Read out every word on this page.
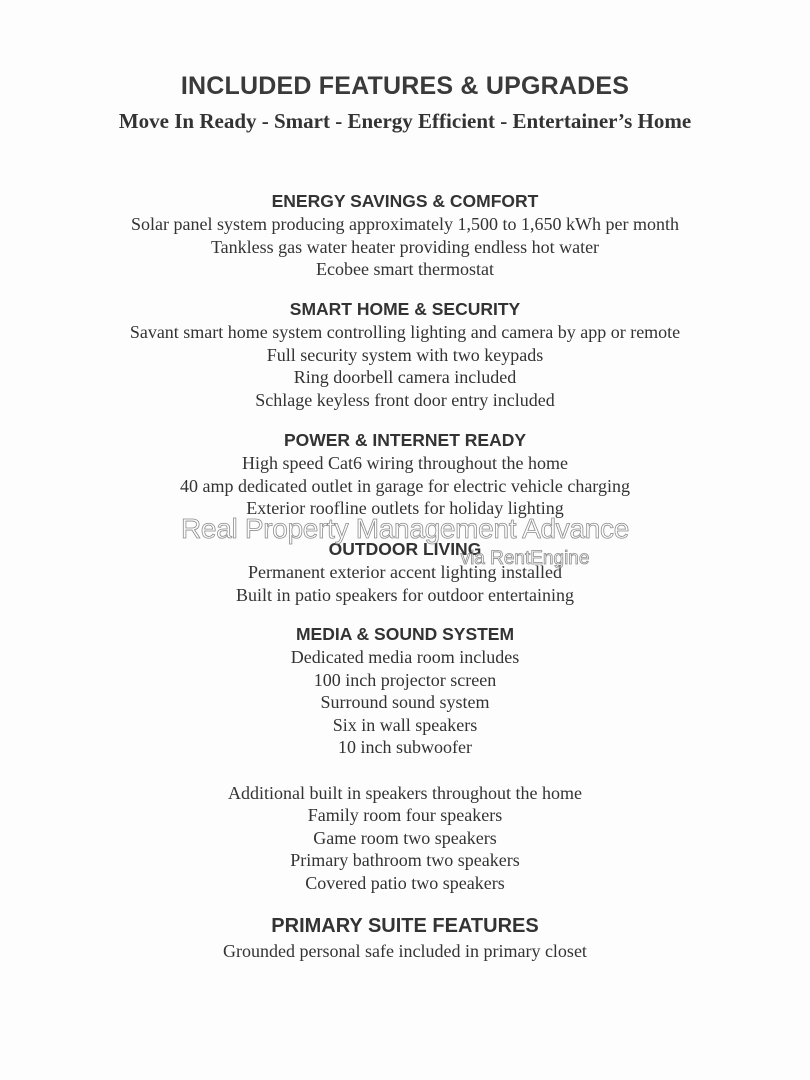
INCLUDED FEATURES & UPGRADES
Move In Ready - Smart - Energy Efficient - Entertainer’s Home
ENERGY SAVINGS & COMFORT
Solar panel system producing approximately 1,500 to 1,650 kWh per month
Tankless gas water heater providing endless hot water
Ecobee smart thermostat
SMART HOME & SECURITY
Savant smart home system controlling lighting and camera by app or remote
Full security system with two keypads
Ring doorbell camera included
Schlage keyless front door entry included
POWER & INTERNET READY
High speed Cat6 wiring throughout the home
40 amp dedicated outlet in garage for electric vehicle charging
Exterior roofline outlets for holiday lighting
OUTDOOR LIVING
Permanent exterior accent lighting installed
Built in patio speakers for outdoor entertaining
MEDIA & SOUND SYSTEM
Dedicated media room includes
100 inch projector screen
Surround sound system
Six in wall speakers
10 inch subwoofer
Additional built in speakers throughout the home
Family room four speakers
Game room two speakers
Primary bathroom two speakers
Covered patio two speakers
PRIMARY SUITE FEATURES
Grounded personal safe included in primary closet
Real Property Management Advance
via RentEngine
